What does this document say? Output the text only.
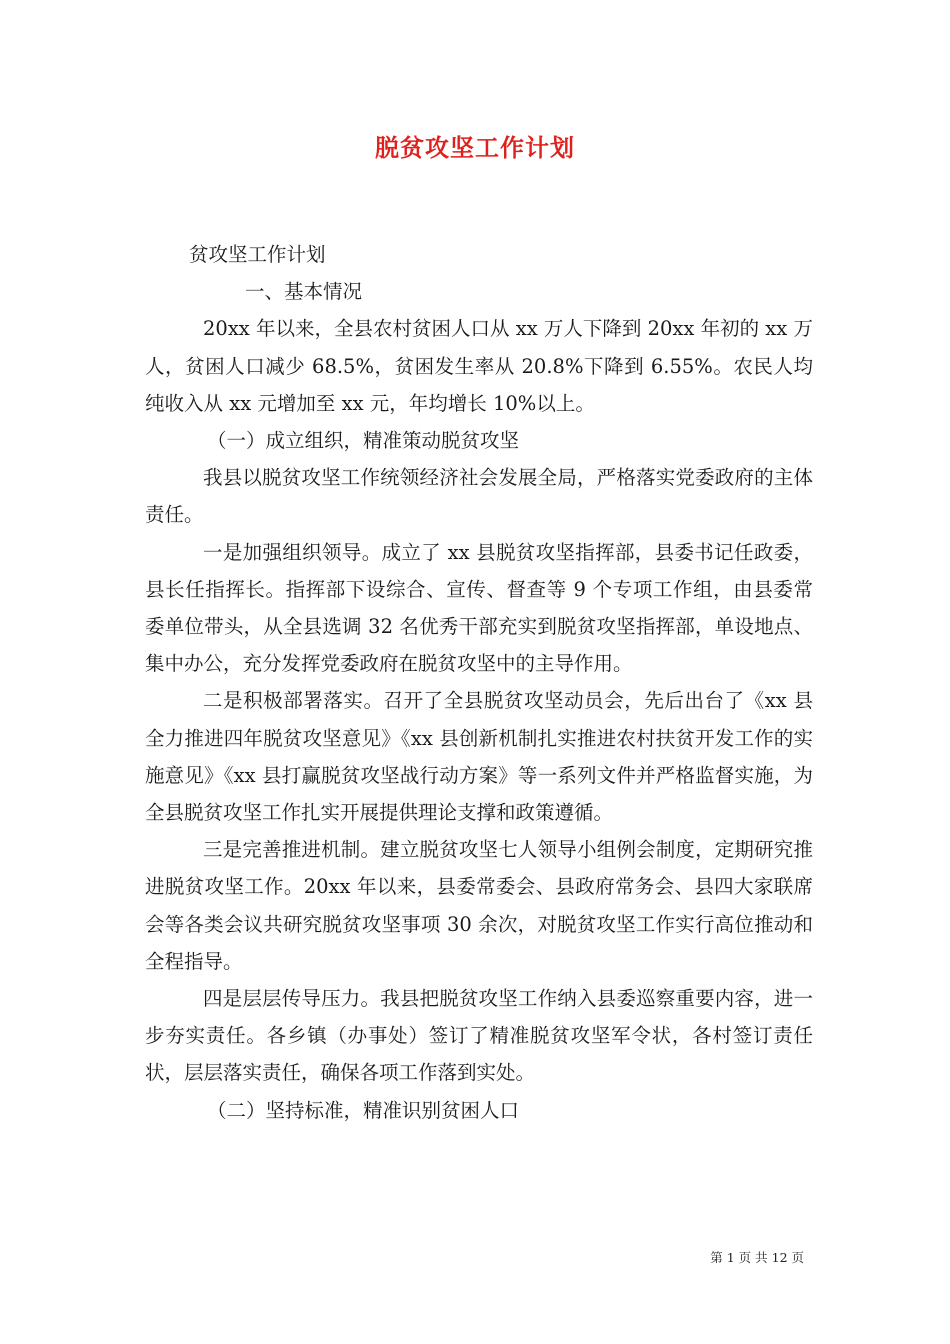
脱贫攻坚工作计划

贫攻坚工作计划

一、基本情况

20xx 年以来，全县农村贫困人口从 xx 万人下降到 20xx 年初的 xx 万人，贫困人口减少 68.5%，贫困发生率从 20.8%下降到 6.55%。农民人均纯收入从 xx 元增加至 xx 元，年均增长 10%以上。

（一）成立组织，精准策动脱贫攻坚

我县以脱贫攻坚工作统领经济社会发展全局，严格落实党委政府的主体责任。

一是加强组织领导。成立了 xx 县脱贫攻坚指挥部，县委书记任政委，县长任指挥长。指挥部下设综合、宣传、督查等 9 个专项工作组，由县委常委单位带头，从全县选调 32 名优秀干部充实到脱贫攻坚指挥部，单设地点、集中办公，充分发挥党委政府在脱贫攻坚中的主导作用。

二是积极部署落实。召开了全县脱贫攻坚动员会，先后出台了《xx 县全力推进四年脱贫攻坚意见》《xx 县创新机制扎实推进农村扶贫开发工作的实施意见》《xx 县打赢脱贫攻坚战行动方案》等一系列文件并严格监督实施，为全县脱贫攻坚工作扎实开展提供理论支撑和政策遵循。

三是完善推进机制。建立脱贫攻坚七人领导小组例会制度，定期研究推进脱贫攻坚工作。20xx 年以来，县委常委会、县政府常务会、县四大家联席会等各类会议共研究脱贫攻坚事项 30 余次，对脱贫攻坚工作实行高位推动和全程指导。

四是层层传导压力。我县把脱贫攻坚工作纳入县委巡察重要内容，进一步夯实责任。各乡镇（办事处）签订了精准脱贫攻坚军令状，各村签订责任状，层层落实责任，确保各项工作落到实处。

（二）坚持标准，精准识别贫困人口

第 1 页 共 12 页
